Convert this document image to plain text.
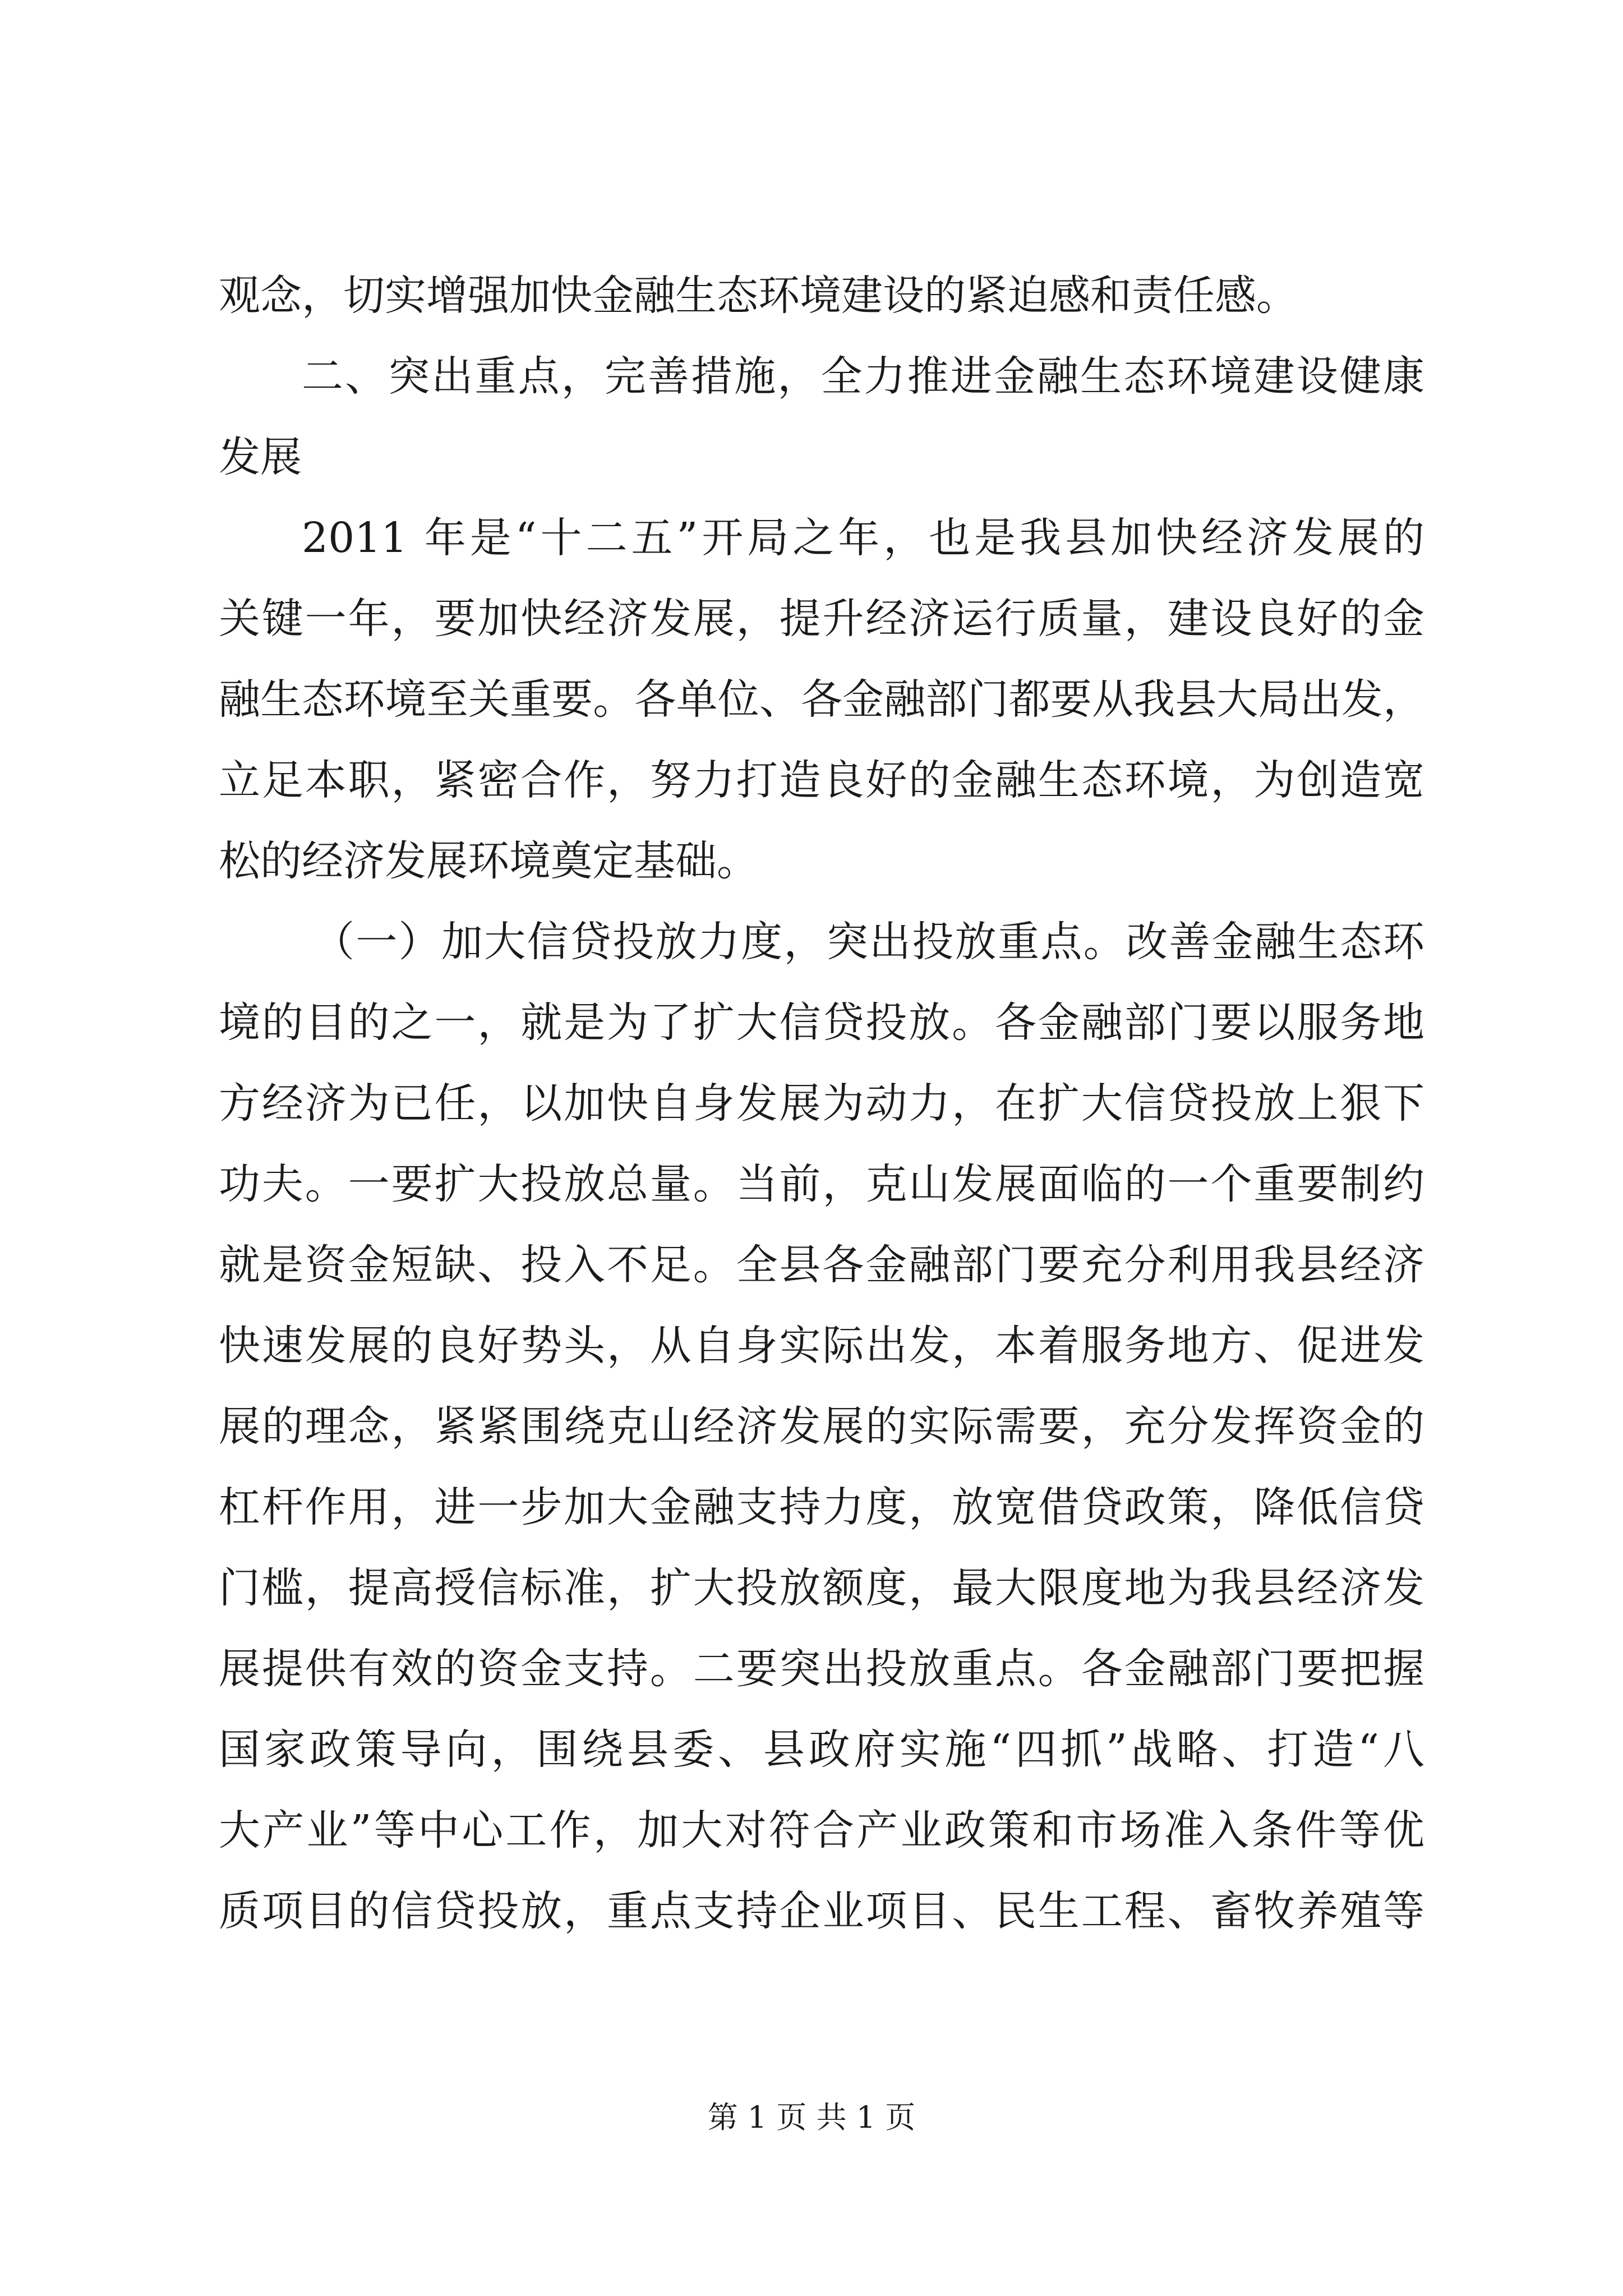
观念，切实增强加快金融生态环境建设的紧迫感和责任感。
二、突出重点，完善措施，全力推进金融生态环境建设健康
发展
2011 年是“十二五”开局之年，也是我县加快经济发展的
关键一年，要加快经济发展，提升经济运行质量，建设良好的金
融生态环境至关重要。各单位、各金融部门都要从我县大局出发，
立足本职，紧密合作，努力打造良好的金融生态环境，为创造宽
松的经济发展环境奠定基础。
（一）加大信贷投放力度，突出投放重点。改善金融生态环
境的目的之一，就是为了扩大信贷投放。各金融部门要以服务地
方经济为已任，以加快自身发展为动力，在扩大信贷投放上狠下
功夫。一要扩大投放总量。当前，克山发展面临的一个重要制约
就是资金短缺、投入不足。全县各金融部门要充分利用我县经济
快速发展的良好势头，从自身实际出发，本着服务地方、促进发
展的理念，紧紧围绕克山经济发展的实际需要，充分发挥资金的
杠杆作用，进一步加大金融支持力度，放宽借贷政策，降低信贷
门槛，提高授信标准，扩大投放额度，最大限度地为我县经济发
展提供有效的资金支持。二要突出投放重点。各金融部门要把握
国家政策导向，围绕县委、县政府实施“四抓”战略、打造“八
大产业”等中心工作，加大对符合产业政策和市场准入条件等优
质项目的信贷投放，重点支持企业项目、民生工程、畜牧养殖等
第 1 页 共 1 页
